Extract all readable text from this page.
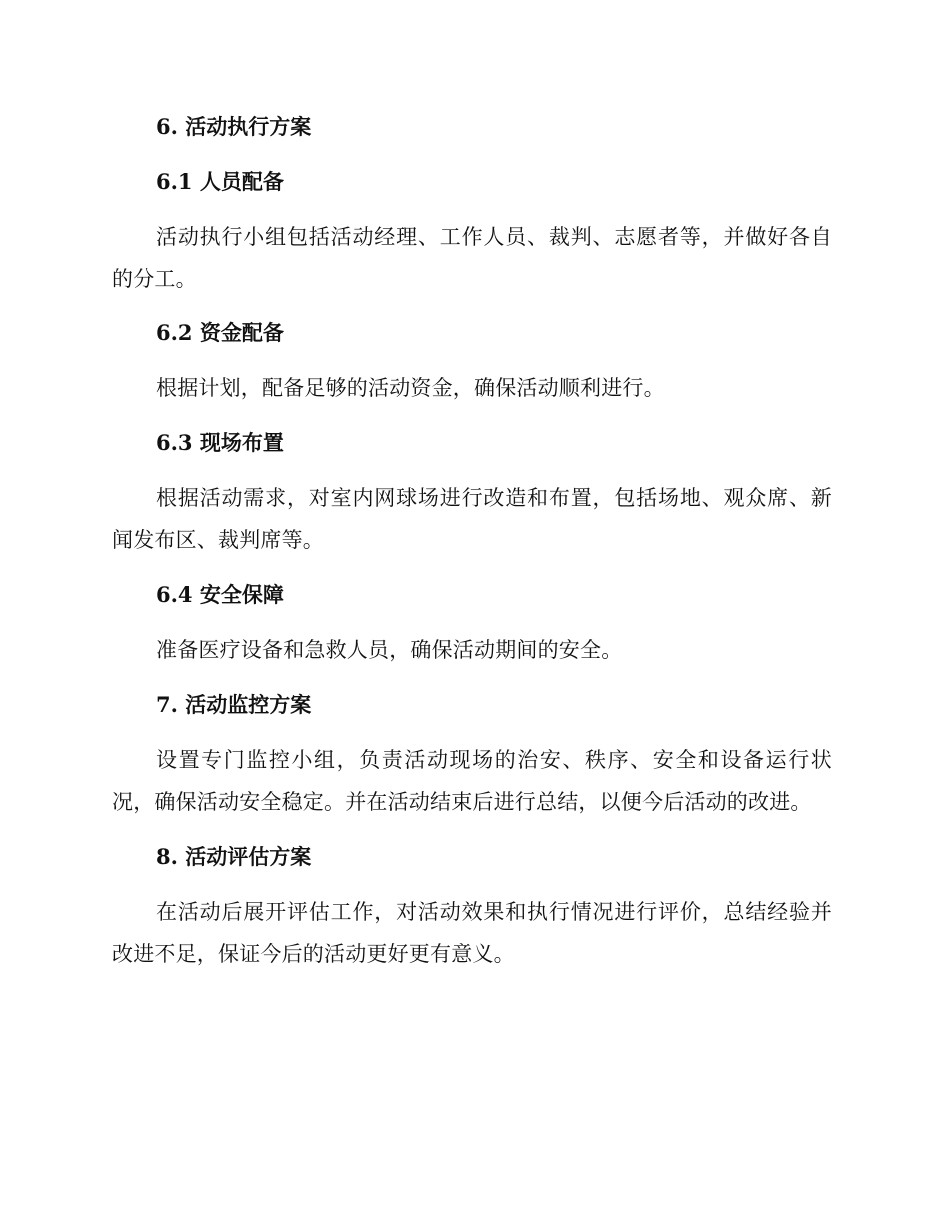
6. 活动执行方案
6.1 人员配备

活动执行小组包括活动经理、工作人员、裁判、志愿者等，并做好各自的分工。

6.2 资金配备

根据计划，配备足够的活动资金，确保活动顺利进行。

6.3 现场布置

根据活动需求，对室内网球场进行改造和布置，包括场地、观众席、新闻发布区、裁判席等。

6.4 安全保障

准备医疗设备和急救人员，确保活动期间的安全。

7. 活动监控方案

设置专门监控小组，负责活动现场的治安、秩序、安全和设备运行状况，确保活动安全稳定。并在活动结束后进行总结，以便今后活动的改进。

8. 活动评估方案

在活动后展开评估工作，对活动效果和执行情况进行评价，总结经验并改进不足，保证今后的活动更好更有意义。
